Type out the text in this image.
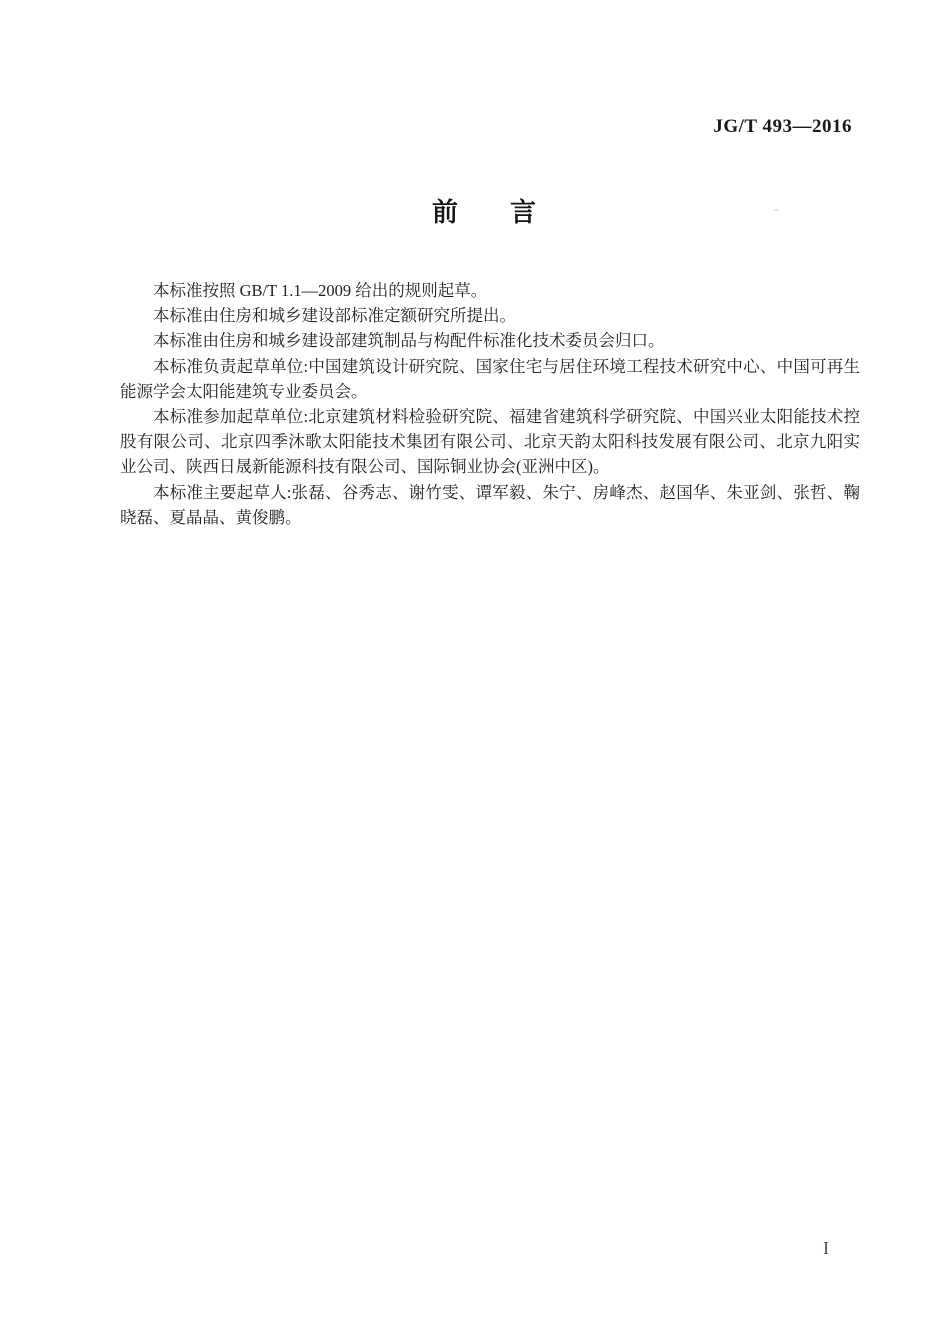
JG/T 493—2016
前　　言

本标准按照 GB/T 1.1—2009 给出的规则起草。

本标准由住房和城乡建设部标准定额研究所提出。

本标准由住房和城乡建设部建筑制品与构配件标准化技术委员会归口。

本标准负责起草单位:中国建筑设计研究院、国家住宅与居住环境工程技术研究中心、中国可再生能源学会太阳能建筑专业委员会。

本标准参加起草单位:北京建筑材料检验研究院、福建省建筑科学研究院、中国兴业太阳能技术控股有限公司、北京四季沐歌太阳能技术集团有限公司、北京天韵太阳科技发展有限公司、北京九阳实业公司、陕西日晟新能源科技有限公司、国际铜业协会(亚洲中区)。

本标准主要起草人:张磊、谷秀志、谢竹雯、谭军毅、朱宁、房峰杰、赵国华、朱亚剑、张哲、鞠晓磊、夏晶晶、黄俊鹏。

I
